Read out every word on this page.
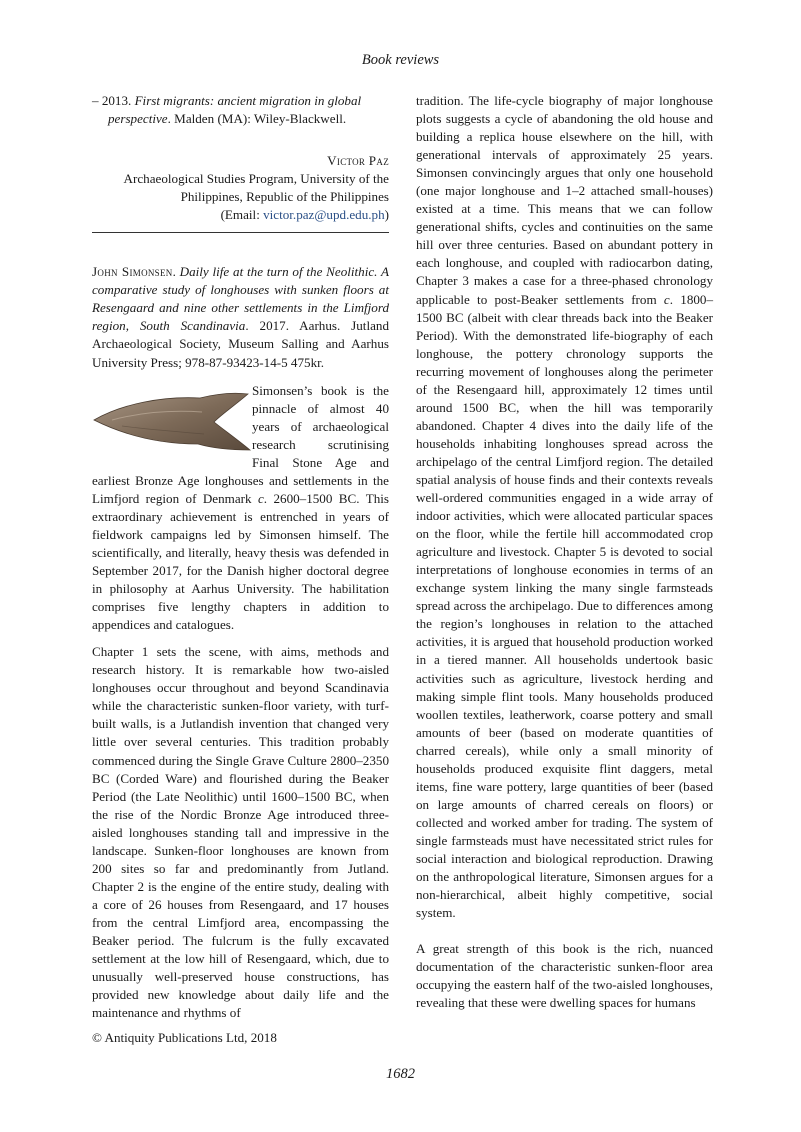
Book reviews

– 2013. First migrants: ancient migration in global perspective. Malden (MA): Wiley-Blackwell.

Victor Paz
Archaeological Studies Program, University of the
Philippines, Republic of the Philippines
(Email: victor.paz@upd.edu.ph)

John Simonsen. Daily life at the turn of the Neolithic. A comparative study of longhouses with sunken floors at Resengaard and nine other settlements in the Limfjord region, South Scandinavia. 2017. Aarhus. Jutland Archaeological Society, Museum Salling and Aarhus University Press; 978-87-93423-14-5 475kr.

Simonsen’s book is the pinnacle of almost 40 years of archaeological research scrutinising Final Stone Age and earliest Bronze Age longhouses and settlements in the Limfjord region of Denmark c. 2600–1500 BC. This extraordinary achievement is entrenched in years of fieldwork campaigns led by Simonsen himself. The scientifically, and literally, heavy thesis was defended in September 2017, for the Danish higher doctoral degree in philosophy at Aarhus University. The habilitation comprises five lengthy chapters in addition to appendices and catalogues.

Chapter 1 sets the scene, with aims, methods and research history. It is remarkable how two-aisled longhouses occur throughout and beyond Scandinavia while the characteristic sunken-floor variety, with turf-built walls, is a Jutlandish invention that changed very little over several centuries. This tradition probably commenced during the Single Grave Culture 2800–2350 BC (Corded Ware) and flourished during the Beaker Period (the Late Neolithic) until 1600–1500 BC, when the rise of the Nordic Bronze Age introduced three-aisled longhouses standing tall and impressive in the landscape. Sunken-floor longhouses are known from 200 sites so far and predominantly from Jutland. Chapter 2 is the engine of the entire study, dealing with a core of 26 houses from Resengaard, and 17 houses from the central Limfjord area, encompassing the Beaker period. The fulcrum is the fully excavated settlement at the low hill of Resengaard, which, due to unusually well-preserved house constructions, has provided new knowledge about daily life and the maintenance and rhythms of

tradition. The life-cycle biography of major longhouse plots suggests a cycle of abandoning the old house and building a replica house elsewhere on the hill, with generational intervals of approximately 25 years. Simonsen convincingly argues that only one household (one major longhouse and 1–2 attached small-houses) existed at a time. This means that we can follow generational shifts, cycles and continuities on the same hill over three centuries. Based on abundant pottery in each longhouse, and coupled with radiocarbon dating, Chapter 3 makes a case for a three-phased chronology applicable to post-Beaker settlements from c. 1800–1500 BC (albeit with clear threads back into the Beaker Period). With the demonstrated life-biography of each longhouse, the pottery chronology supports the recurring movement of longhouses along the perimeter of the Resengaard hill, approximately 12 times until around 1500 BC, when the hill was temporarily abandoned. Chapter 4 dives into the daily life of the households inhabiting longhouses spread across the archipelago of the central Limfjord region. The detailed spatial analysis of house finds and their contexts reveals well-ordered communities engaged in a wide array of indoor activities, which were allocated particular spaces on the floor, while the fertile hill accommodated crop agriculture and livestock. Chapter 5 is devoted to social interpretations of longhouse economies in terms of an exchange system linking the many single farmsteads spread across the archipelago. Due to differences among the region’s longhouses in relation to the attached activities, it is argued that household production worked in a tiered manner. All households undertook basic activities such as agriculture, livestock herding and making simple flint tools. Many households produced woollen textiles, leatherwork, coarse pottery and small amounts of beer (based on moderate quantities of charred cereals), while only a small minority of households produced exquisite flint daggers, metal items, fine ware pottery, large quantities of beer (based on large amounts of charred cereals on floors) or collected and worked amber for trading. The system of single farmsteads must have necessitated strict rules for social interaction and biological reproduction. Drawing on the anthropological literature, Simonsen argues for a non-hierarchical, albeit highly competitive, social system.

A great strength of this book is the rich, nuanced documentation of the characteristic sunken-floor area occupying the eastern half of the two-aisled longhouses, revealing that these were dwelling spaces for humans

© Antiquity Publications Ltd, 2018
1682
